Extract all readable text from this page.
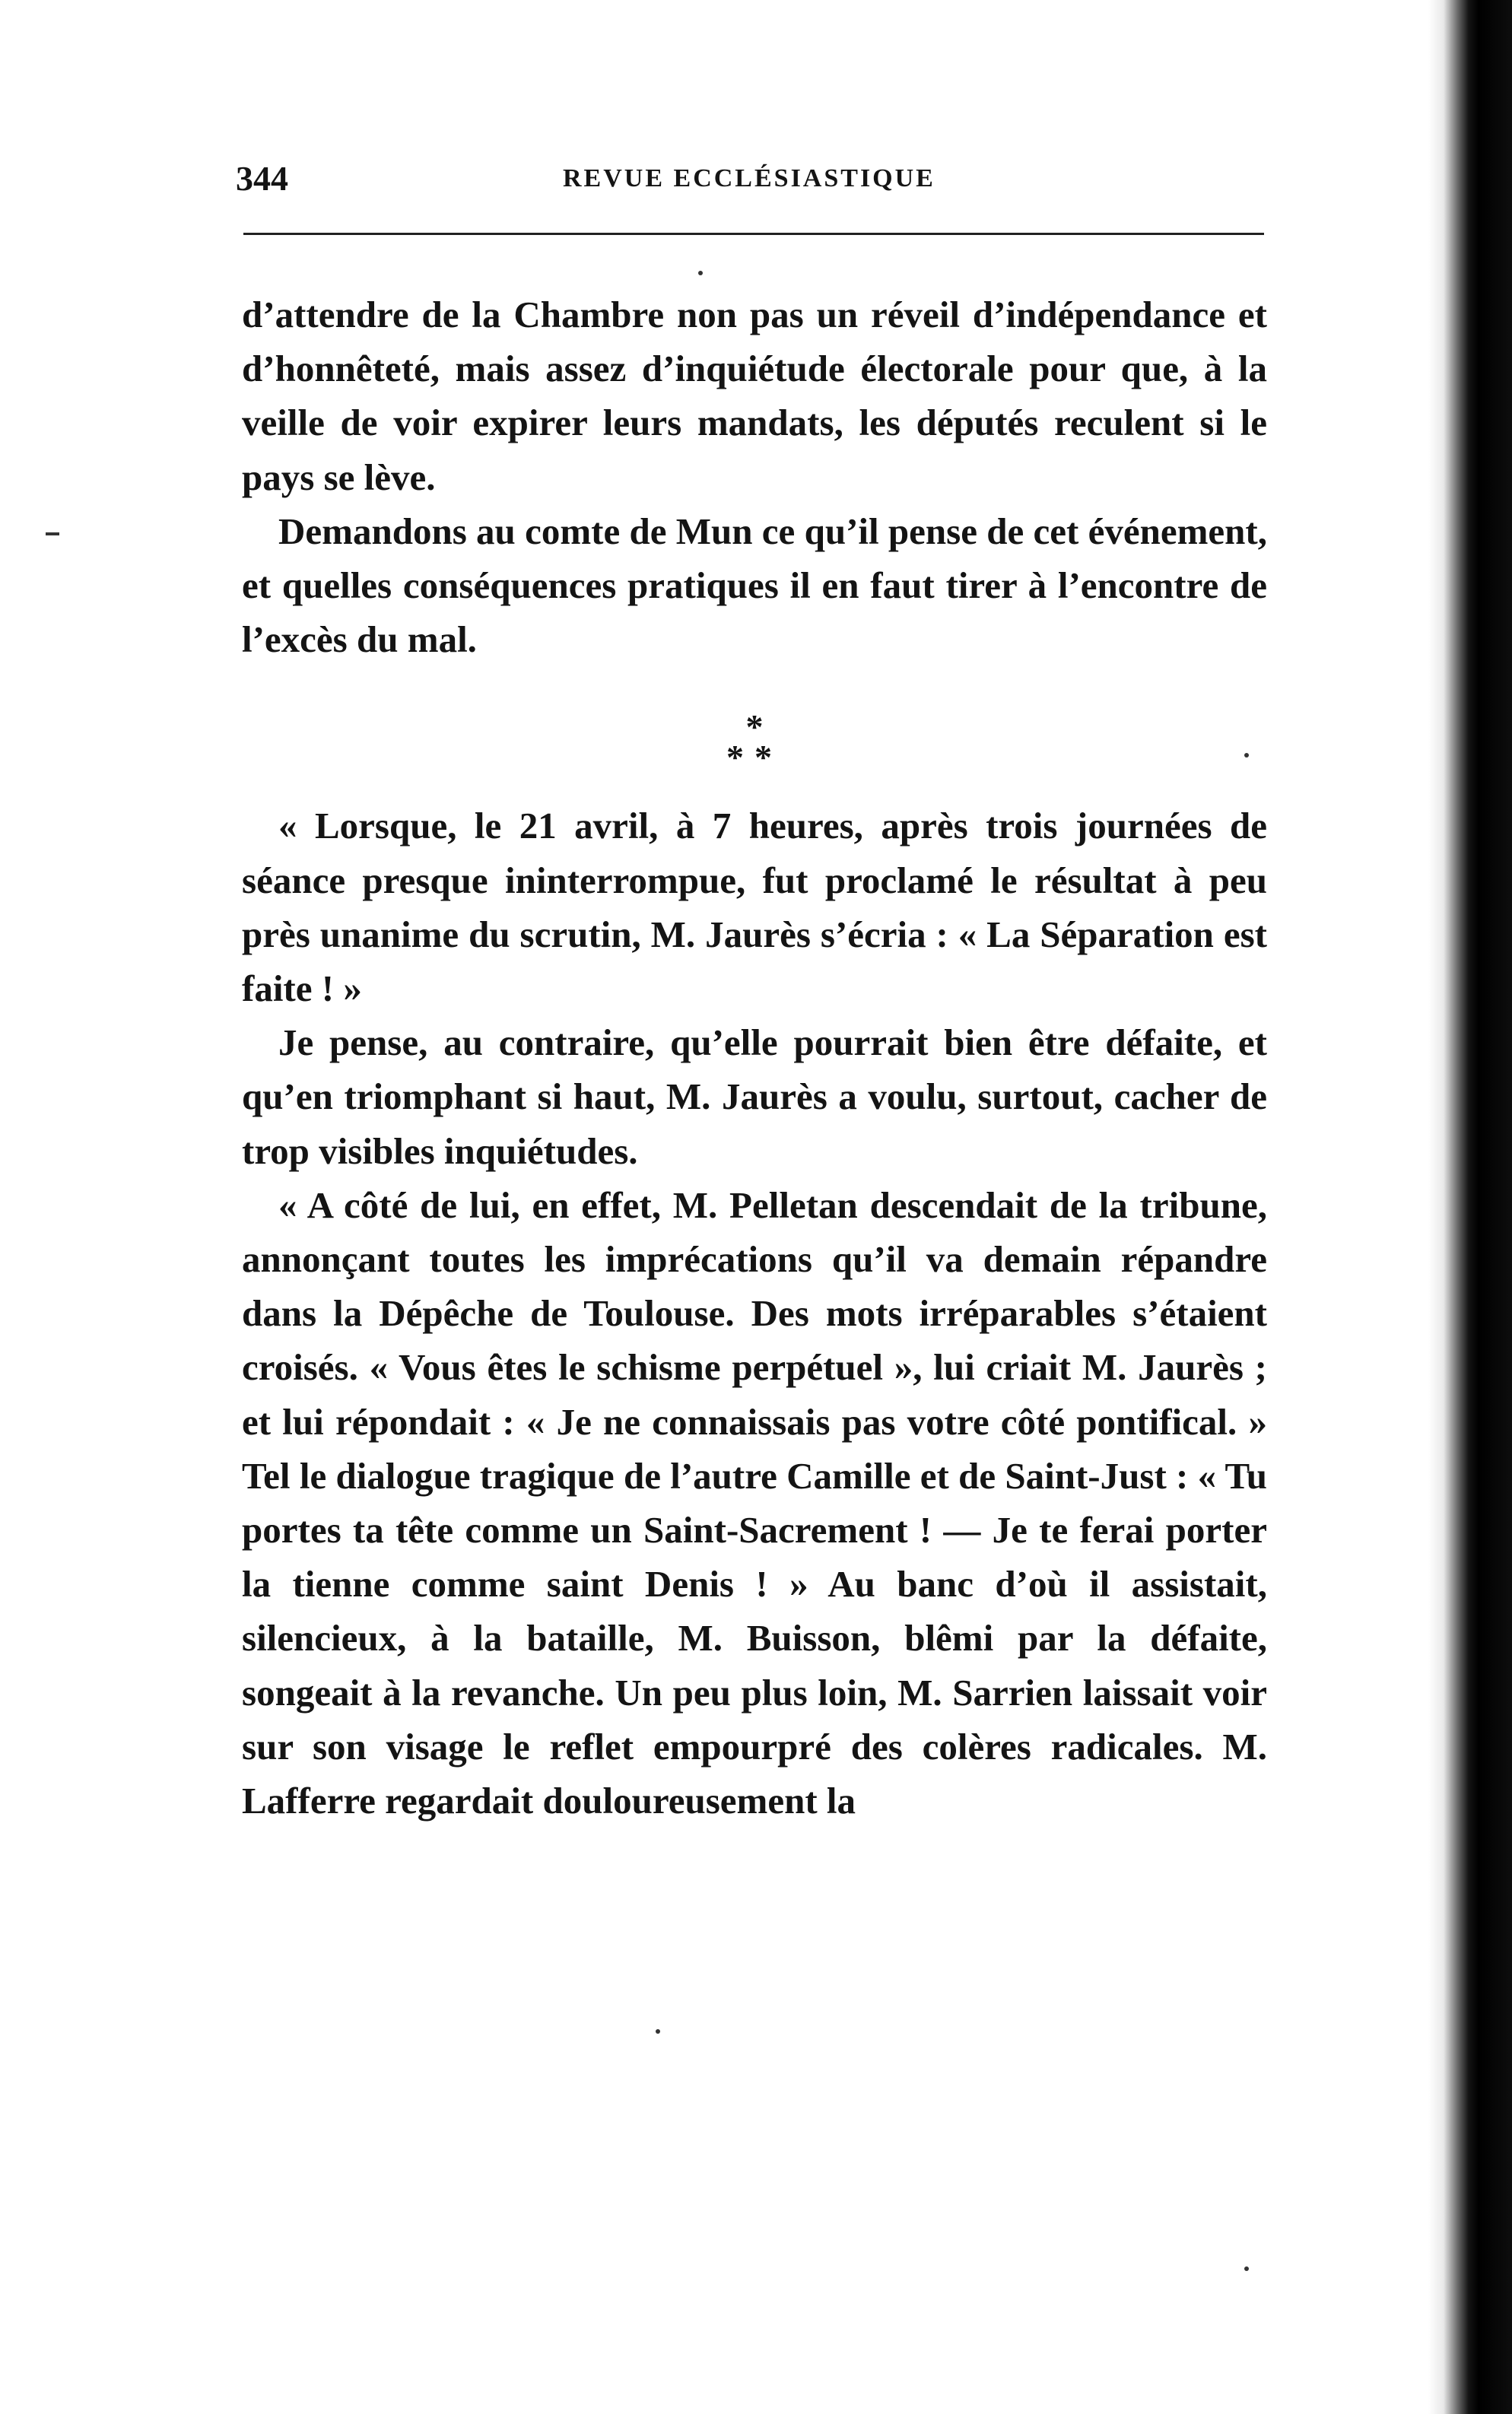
344	REVUE ECCLÉSIASTIQUE

d’attendre de la Chambre non pas un réveil d’indépendance et d’honnêteté, mais assez d’inquiétude électorale pour que, à la veille de voir expirer leurs mandats, les députés reculent si le pays se lève.

Demandons au comte de Mun ce qu’il pense de cet événement, et quelles conséquences pratiques il en faut tirer à l’encontre de l’excès du mal.

*
**

« Lorsque, le 21 avril, à 7 heures, après trois journées de séance presque ininterrompue, fut proclamé le résultat à peu près unanime du scrutin, M. Jaurès s’écria : « La Séparation est faite ! »

Je pense, au contraire, qu’elle pourrait bien être défaite, et qu’en triomphant si haut, M. Jaurès a voulu, surtout, cacher de trop visibles inquiétudes.

« A côté de lui, en effet, M. Pelletan descendait de la tribune, annonçant toutes les imprécations qu’il va demain répandre dans la Dépêche de Toulouse. Des mots irréparables s’étaient croisés. « Vous êtes le schisme perpétuel », lui criait M. Jaurès ; et lui répondait : « Je ne connaissais pas votre côté pontifical. » Tel le dialogue tragique de l’autre Camille et de Saint-Just : « Tu portes ta tête comme un Saint-Sacrement ! — Je te ferai porter la tienne comme saint Denis ! » Au banc d’où il assistait, silencieux, à la bataille, M. Buisson, blêmi par la défaite, songeait à la revanche. Un peu plus loin, M. Sarrien laissait voir sur son visage le reflet empourpré des colères radicales. M. Lafferre regardait douloureusement la
